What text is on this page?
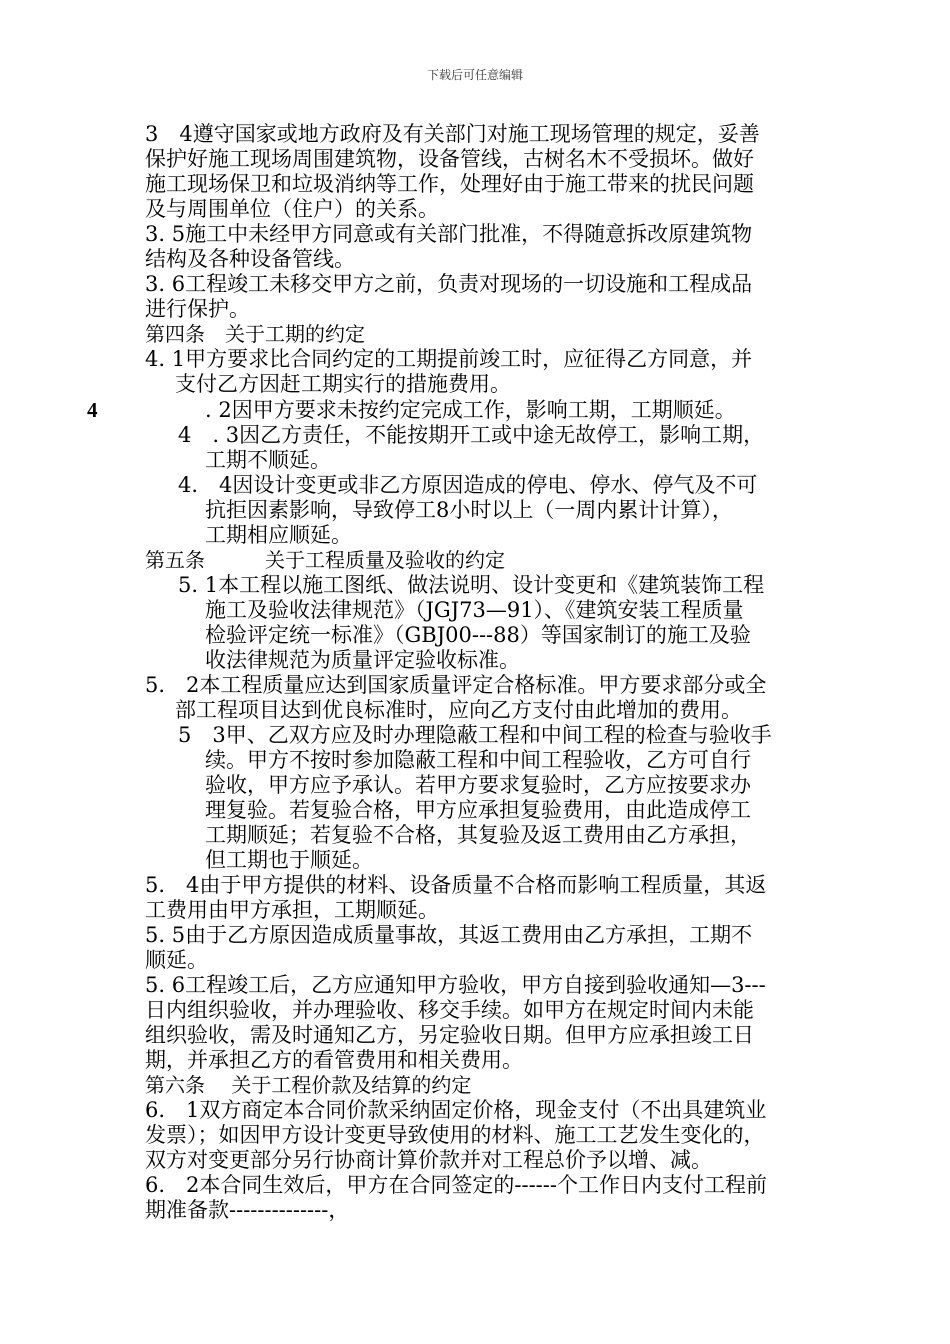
下载后可任意编辑
3　4遵守国家或地方政府及有关部门对施工现场管理的规定，妥善
保护好施工现场周围建筑物，设备管线，古树名木不受损坏。做好
施工现场保卫和垃圾消纳等工作，处理好由于施工带来的扰民问题
及与周围单位（住户）的关系。
3. 5施工中未经甲方同意或有关部门批准，不得随意拆改原建筑物
结构及各种设备管线。
3. 6工程竣工未移交甲方之前，负责对现场的一切设施和工程成品
进行保护。
第四条　关于工期的约定
4. 1甲方要求比合同约定的工期提前竣工时，应征得乙方同意，并
支付乙方因赶工期实行的措施费用。
4	. 2因甲方要求未按约定完成工作，影响工期，工期顺延。
4　. 3因乙方责任，不能按期开工或中途无故停工，影响工期，
工期不顺延。
4.　4因设计变更或非乙方原因造成的停电、停水、停气及不可
抗拒因素影响，导致停工8小时以上（一周内累计计算），
工期相应顺延。
第五条　　　关于工程质量及验收的约定
5. 1本工程以施工图纸、做法说明、设计变更和《建筑装饰工程
施工及验收法律规范》（JGJ73—91）、《建筑安装工程质量
检验评定统一标准》（GBJ00---88）等国家制订的施工及验
收法律规范为质量评定验收标准。
5.　2本工程质量应达到国家质量评定合格标准。甲方要求部分或全
部工程项目达到优良标准时，应向乙方支付由此增加的费用。
5　3甲、乙双方应及时办理隐蔽工程和中间工程的检查与验收手
续。甲方不按时参加隐蔽工程和中间工程验收，乙方可自行
验收，甲方应予承认。若甲方要求复验时，乙方应按要求办
理复验。若复验合格，甲方应承担复验费用，由此造成停工
工期顺延；若复验不合格，其复验及返工费用由乙方承担，
但工期也于顺延。
5.　4由于甲方提供的材料、设备质量不合格而影响工程质量，其返
工费用由甲方承担，工期顺延。
5. 5由于乙方原因造成质量事故，其返工费用由乙方承担，工期不
顺延。
5. 6工程竣工后，乙方应通知甲方验收，甲方自接到验收通知—3---
日内组织验收，并办理验收、移交手续。如甲方在规定时间内未能
组织验收，需及时通知乙方，另定验收日期。但甲方应承担竣工日
期，并承担乙方的看管费用和相关费用。
第六条　 关于工程价款及结算的约定
6.　1双方商定本合同价款采纳固定价格，现金支付（不出具建筑业
发票）；如因甲方设计变更导致使用的材料、施工工艺发生变化的，
双方对变更部分另行协商计算价款并对工程总价予以增、减。
6.　2本合同生效后，甲方在合同签定的------个工作日内支付工程前
期准备款--------------，
